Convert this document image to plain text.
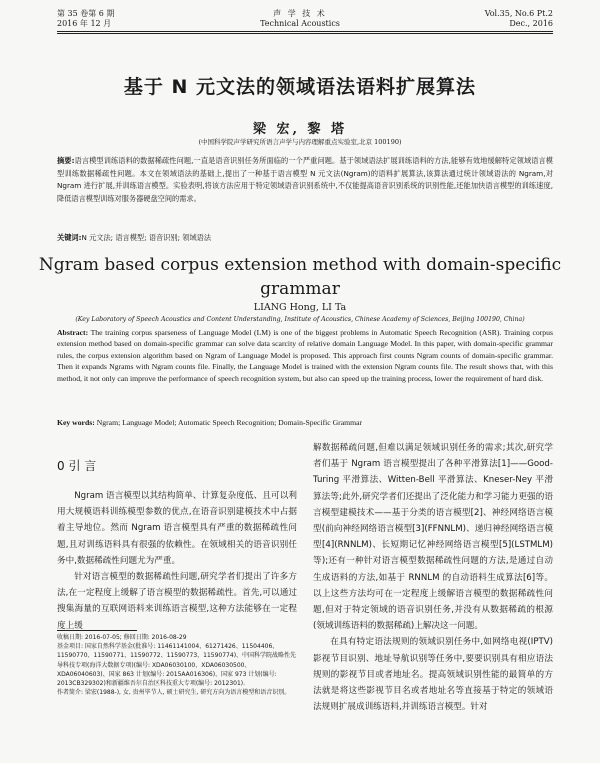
第 35 卷第 6 期
2016 年 12 月
声 学 技 术
Technical Acoustics
Vol.35, No.6 Pt.2
Dec., 2016
基于 N 元文法的领域语法语料扩展算法
梁 宏, 黎 塔
(中国科学院声学研究所语言声学与内容理解重点实验室,北京 100190)
摘要:语言模型训练语料的数据稀疏性问题,一直是语音识别任务所面临的一个严重问题。基于领域语法扩展训练语料的方法,能够有效地缓解特定领域语言模型训练数据稀疏性问题。本文在领域语法的基础上,提出了一种基于语言模型 N 元文法(Ngram)的语料扩展算法,该算法通过统计领域语法的 Ngram,对 Ngram 进行扩展,并训练语言模型。实验表明,将该方法应用于特定领域语音识别系统中,不仅能提高语音识别系统的识别性能,还能加快语言模型的训练速度,降低语言模型训练对服务器硬盘空间的需求。
关键词:N 元文法; 语言模型; 语音识别; 领域语法
Ngram based corpus extension method with domain-specific grammar
LIANG Hong, LI Ta
(Key Laboratory of Speech Acoustics and Content Understanding, Institute of Acoustics, Chinese Academy of Sciences, Beijing 100190, China)
Abstract: The training corpus sparseness of Language Model (LM) is one of the biggest problems in Automatic Speech Recognition (ASR). Training corpus extension method based on domain-specific grammar can solve data scarcity of relative domain Language Model. In this paper, with domain-specific grammar rules, the corpus extension algorithm based on Ngram of Language Model is proposed. This approach first counts Ngram counts of domain-specific grammar. Then it expands Ngrams with Ngram counts file. Finally, the Language Model is trained with the extension Ngram counts file. The result shows that, with this method, it not only can improve the performance of speech recognition system, but also can speed up the training process, lower the requirement of hard disk.
Key words: Ngram; Language Model; Automatic Speech Recognition; Domain-Specific Grammar
0 引 言

Ngram 语言模型以其结构简单、计算复杂度低、且可以利用大规模语料训练模型参数的优点,在语音识别建模技术中占据着主导地位。然而 Ngram 语言模型具有严重的数据稀疏性问题,且对训练语料具有很强的依赖性。在领域相关的语音识别任务中,数据稀疏性问题尤为严重。

针对语言模型的数据稀疏性问题,研究学者们提出了许多方法,在一定程度上缓解了语言模型的数据稀疏性。首先,可以通过搜集海量的互联网语料来训练语言模型,这种方法能够在一定程度上缓

收稿日期: 2016-07-05; 修回日期: 2016-08-29
基金项目: 国家自然科学基金(批准号: 11461141004、61271426、11504406、11590770、11590771、11590772、11590773、11590774)、中国科学院战略性先导科技专项(海洋大数据专项)(编号: XDA06030100、XDA06030500、XDA06040603)、国家 863 计划(编号: 2015AA016306)、国家 973 计划(编号: 2013CB329302)和新疆维吾尔自治区科技重大专项(编号: 2012301).
作者简介: 梁宏(1988-), 女, 贵州毕节人, 硕士研究生, 研究方向为语言模型和语音识别。

解数据稀疏问题,但难以满足领域识别任务的需求;其次,研究学者们基于 Ngram 语言模型提出了各种平滑算法[1]——Good-Turing 平滑算法、Witten-Bell 平滑算法、Kneser-Ney 平滑算法等;此外,研究学者们还提出了泛化能力和学习能力更强的语言模型建模技术——基于分类的语言模型[2]、神经网络语言模型(前向神经网络语言模型[3](FFNNLM)、递归神经网络语言模型[4](RNNLM)、长短期记忆神经网络语言模型[5](LSTMLM)等);还有一种针对语言模型数据稀疏性问题的方法,是通过自动生成语料的方法,如基于 RNNLM 的自动语料生成算法[6]等。以上这些方法均可在一定程度上缓解语言模型的数据稀疏性问题,但对于特定领域的语音识别任务,并没有从数据稀疏的根源(领域训练语料的数据稀疏)上解决这一问题。

在具有特定语法规则的领域识别任务中,如网络电视(IPTV)影视节目识别、地址导航识别等任务中,要要识别具有相应语法规则的影视节目或者地址名。提高领域识别性能的最简单的方法就是将这些影视节目名或者地址名等直接基于特定的领域语法规则扩展成训练语料,并训练语言模型。针对
